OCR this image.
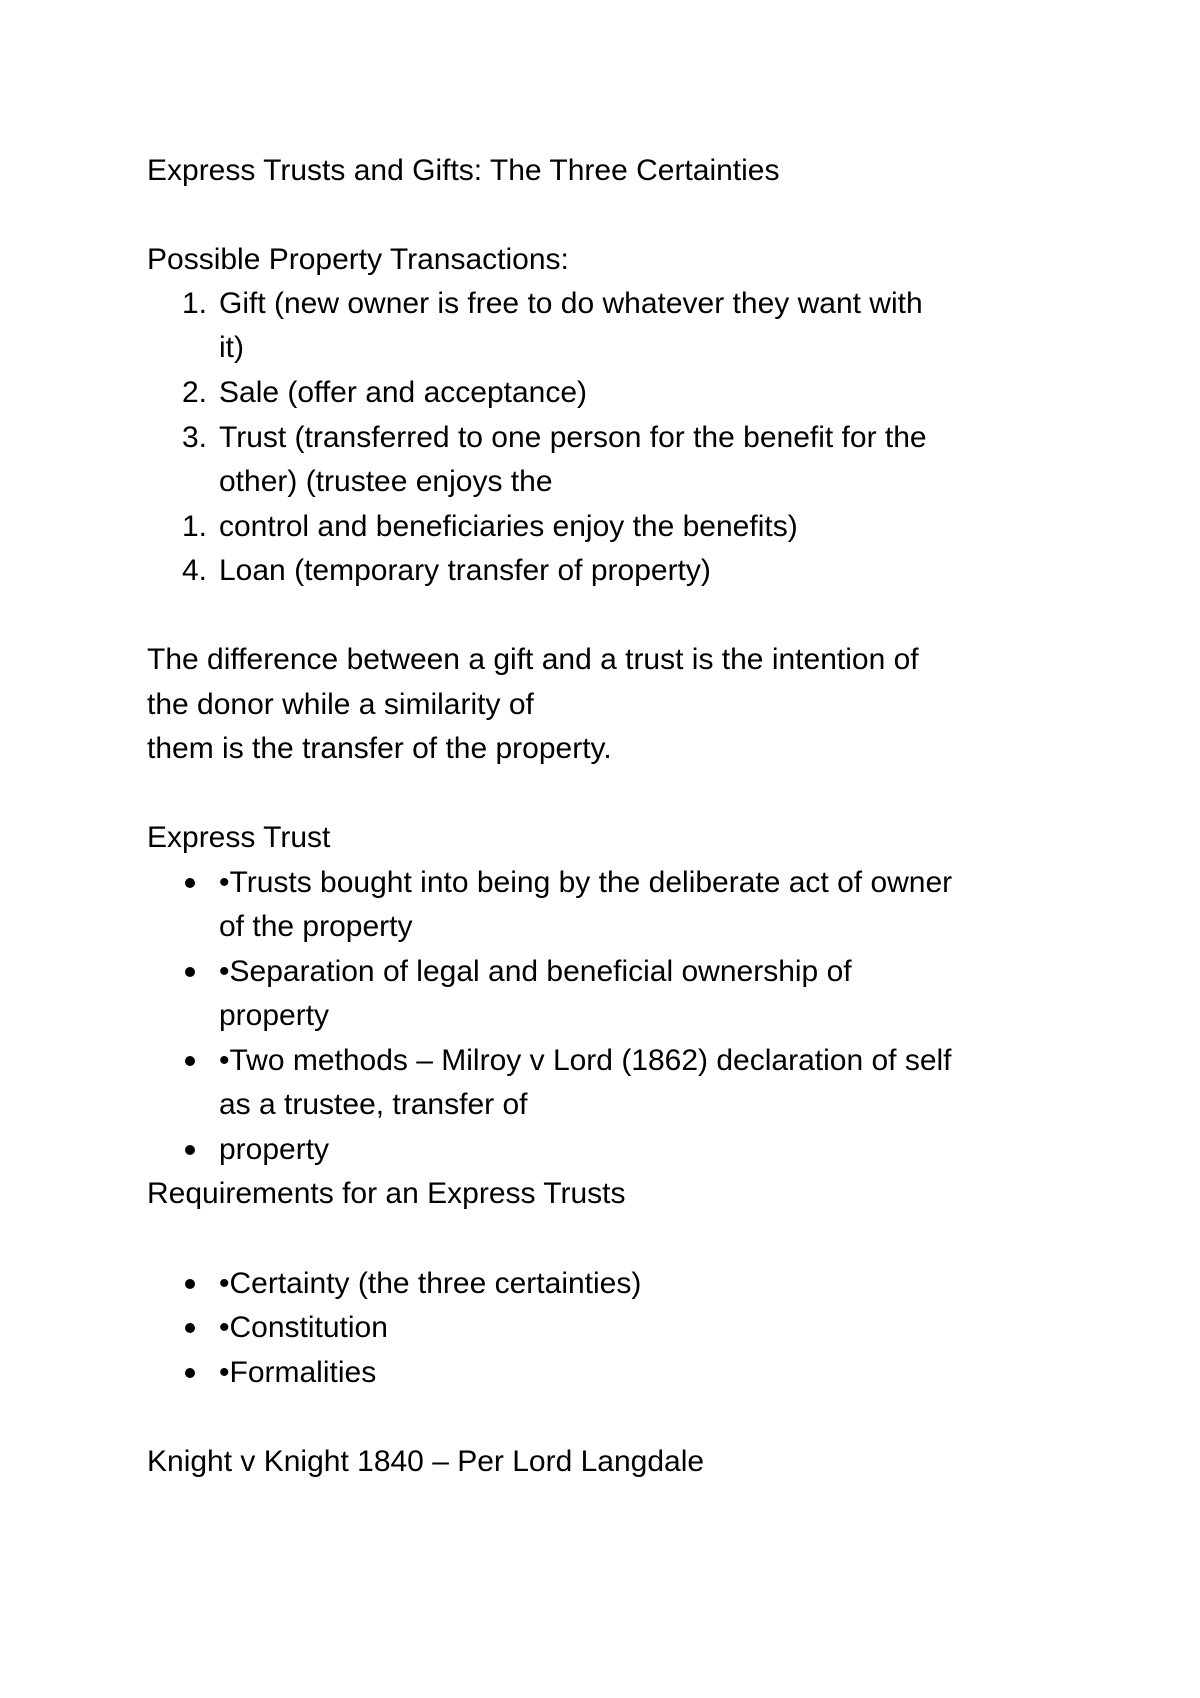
Express Trusts and Gifts: The Three Certainties
Possible Property Transactions:
1. Gift (new owner is free to do whatever they want with
it)
2. Sale (offer and acceptance)
3. Trust (transferred to one person for the benefit for the
other) (trustee enjoys the
1. control and beneficiaries enjoy the benefits)
4. Loan (temporary transfer of property)
The difference between a gift and a trust is the intention of
the donor while a similarity of
them is the transfer of the property.
Express Trust
•Trusts bought into being by the deliberate act of owner
of the property
•Separation of legal and beneficial ownership of
property
•Two methods – Milroy v Lord (1862) declaration of self
as a trustee, transfer of
property
Requirements for an Express Trusts
•Certainty (the three certainties)
•Constitution
•Formalities
Knight v Knight 1840 – Per Lord Langdale
